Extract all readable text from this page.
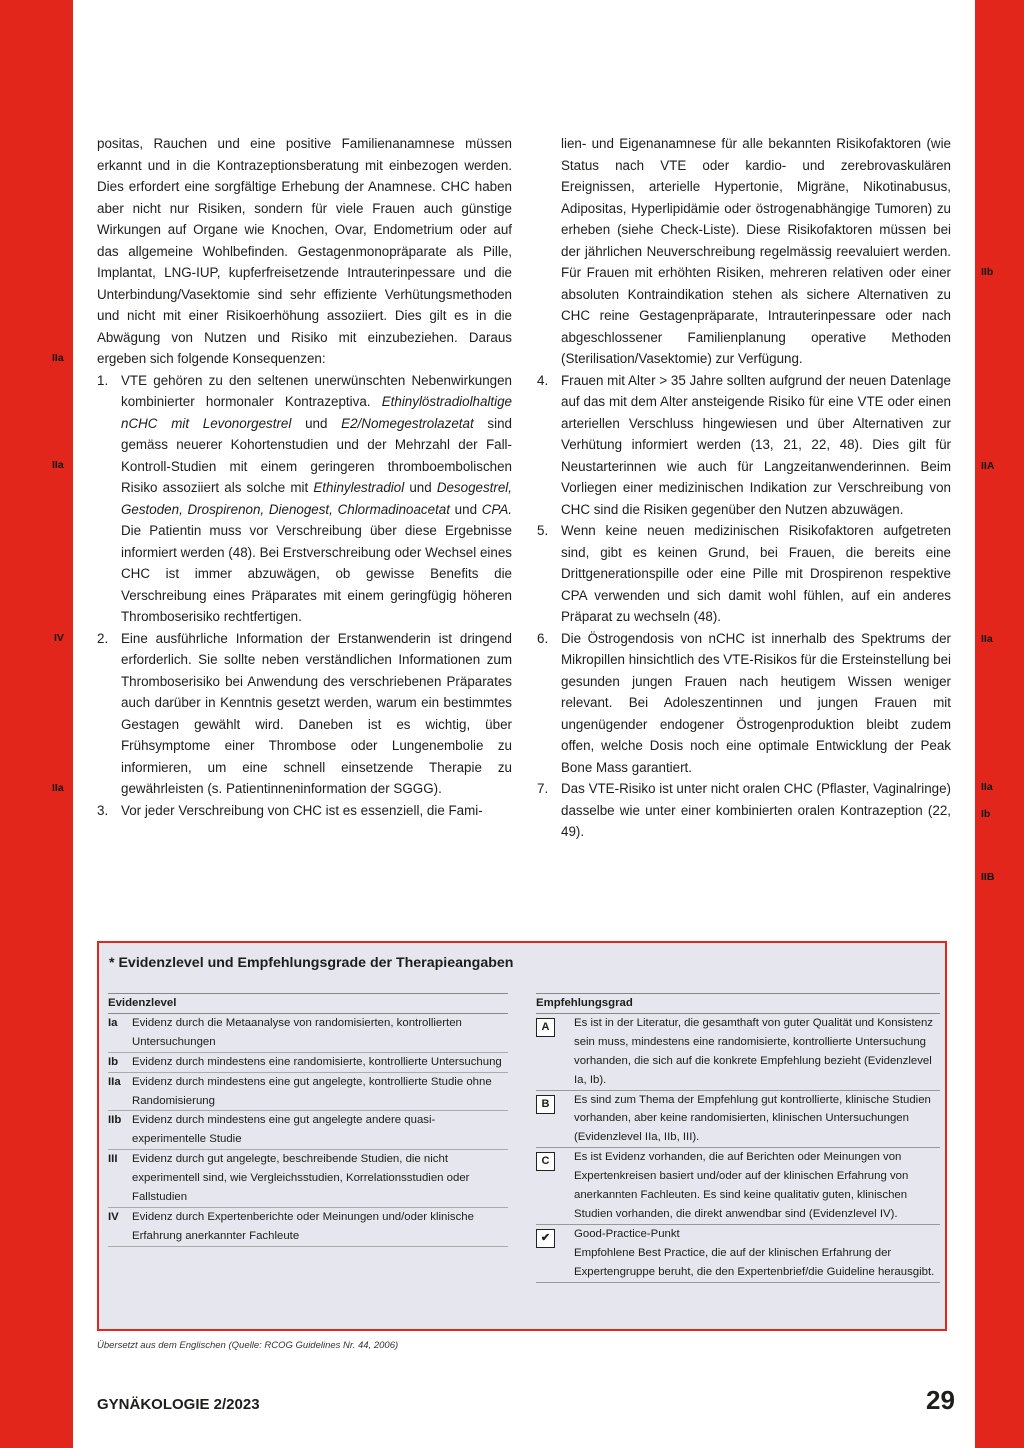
IIa
IIa
IV
IIa
IIb
IIA
IIa
IIa
Ib
IIB

positas, Rauchen und eine positive Familienanamnese müssen erkannt und in die Kontrazeptionsberatung mit einbezogen werden. Dies erfordert eine sorgfältige Erhebung der Anamnese. CHC haben aber nicht nur Risiken, sondern für viele Frauen auch günstige Wirkungen auf Organe wie Knochen, Ovar, Endometrium oder auf das allgemeine Wohlbefinden. Gestagenmonopräparate als Pille, Implantat, LNG-IUP, kupferfreisetzende Intrauterinpessare und die Unterbindung/Vasektomie sind sehr effiziente Verhütungsmethoden und nicht mit einer Risikoerhöhung assoziiert. Dies gilt es in die Abwägung von Nutzen und Risiko mit einzubeziehen. Daraus ergeben sich folgende Konsequenzen:

1. VTE gehören zu den seltenen unerwünschten Nebenwirkungen kombinierter hormonaler Kontrazeptiva. Ethinylöstradiolhaltige nCHC mit Levonorgestrel und E2/Nomegestrolazetat sind gemäss neuerer Kohortenstudien und der Mehrzahl der Fall-Kontroll-Studien mit einem geringeren thromboembolischen Risiko assoziiert als solche mit Ethinylestradiol und Desogestrel, Gestoden, Drospirenon, Dienogest, Chlormadinoacetat und CPA. Die Patientin muss vor Verschreibung über diese Ergebnisse informiert werden (48). Bei Erstverschreibung oder Wechsel eines CHC ist immer abzuwägen, ob gewisse Benefits die Verschreibung eines Präparates mit einem geringfügig höheren Thromboserisiko rechtfertigen.
2. Eine ausführliche Information der Erstanwenderin ist dringend erforderlich. Sie sollte neben verständlichen Informationen zum Thromboserisiko bei Anwendung des verschriebenen Präparates auch darüber in Kenntnis gesetzt werden, warum ein bestimmtes Gestagen gewählt wird. Daneben ist es wichtig, über Frühsymptome einer Thrombose oder Lungenembolie zu informieren, um eine schnell einsetzende Therapie zu gewährleisten (s. Patientinneninformation der SGGG).
3. Vor jeder Verschreibung von CHC ist es essenziell, die Fami-

lien- und Eigenanamnese für alle bekannten Risikofaktoren (wie Status nach VTE oder kardio- und zerebrovaskulären Ereignissen, arterielle Hypertonie, Migräne, Nikotinabusus, Adipositas, Hyperlipidämie oder östrogenabhängige Tumoren) zu erheben (siehe Check-Liste). Diese Risikofaktoren müssen bei der jährlichen Neuverschreibung regelmässig reevaluiert werden. Für Frauen mit erhöhten Risiken, mehreren relativen oder einer absoluten Kontraindikation stehen als sichere Alternativen zu CHC reine Gestagenpräparate, Intrauterinpessare oder nach abgeschlossener Familienplanung operative Methoden (Sterilisation/Vasektomie) zur Verfügung.

4. Frauen mit Alter > 35 Jahre sollten aufgrund der neuen Datenlage auf das mit dem Alter ansteigende Risiko für eine VTE oder einen arteriellen Verschluss hingewiesen und über Alternativen zur Verhütung informiert werden (13, 21, 22, 48). Dies gilt für Neustarterinnen wie auch für Langzeitanwenderinnen. Beim Vorliegen einer medizinischen Indikation zur Verschreibung von CHC sind die Risiken gegenüber den Nutzen abzuwägen.
5. Wenn keine neuen medizinischen Risikofaktoren aufgetreten sind, gibt es keinen Grund, bei Frauen, die bereits eine Drittgenerationspille oder eine Pille mit Drospirenon respektive CPA verwenden und sich damit wohl fühlen, auf ein anderes Präparat zu wechseln (48).
6. Die Östrogendosis von nCHC ist innerhalb des Spektrums der Mikropillen hinsichtlich des VTE-Risikos für die Ersteinstellung bei gesunden jungen Frauen nach heutigem Wissen weniger relevant. Bei Adoleszentinnen und jungen Frauen mit ungenügender endogener Östrogenproduktion bleibt zudem offen, welche Dosis noch eine optimale Entwicklung der Peak Bone Mass garantiert.
7. Das VTE-Risiko ist unter nicht oralen CHC (Pflaster, Vaginalringe) dasselbe wie unter einer kombinierten oralen Kontrazeption (22, 49).
* Evidenzlevel und Empfehlungsgrade der Therapieangaben
Evidenzlevel
Ia	Evidenz durch die Metaanalyse von randomisierten, kontrollierten Untersuchungen
Ib	Evidenz durch mindestens eine randomisierte, kontrollierte Untersuchung
IIa Evidenz durch mindestens eine gut angelegte, kontrollierte Studie ohne Randomisierung
IIb Evidenz durch mindestens eine gut angelegte andere quasi-experimentelle Studie
III	Evidenz durch gut angelegte, beschreibende Studien, die nicht experimentell sind, wie Vergleichsstudien, Korrelationsstudien oder Fallstudien
IV	Evidenz durch Expertenberichte oder Meinungen und/oder klinische Erfahrung anerkannter Fachleute
Empfehlungsgrad
A	Es ist in der Literatur, die gesamthaft von guter Qualität und Konsistenz sein muss, mindestens eine randomisierte, kontrollierte Untersuchung vorhanden, die sich auf die konkrete Empfehlung bezieht (Evidenzlevel Ia, Ib).
B	Es sind zum Thema der Empfehlung gut kontrollierte, klinische Studien vorhanden, aber keine randomisierten, klinischen Untersuchungen (Evidenzlevel IIa, IIb, III).
C	Es ist Evidenz vorhanden, die auf Berichten oder Meinungen von Expertenkreisen basiert und/oder auf der klinischen Erfahrung von anerkannten Fachleuten. Es sind keine qualitativ guten, klinischen Studien vorhanden, die direkt anwendbar sind (Evidenzlevel IV).
✔	Good-Practice-Punkt
Empfohlene Best Practice, die auf der klinischen Erfahrung der Expertengruppe beruht, die den Expertenbrief/die Guideline herausgibt.
Übersetzt aus dem Englischen (Quelle: RCOG Guidelines Nr. 44, 2006)
GYNÄKOLOGIE 2/2023	29
